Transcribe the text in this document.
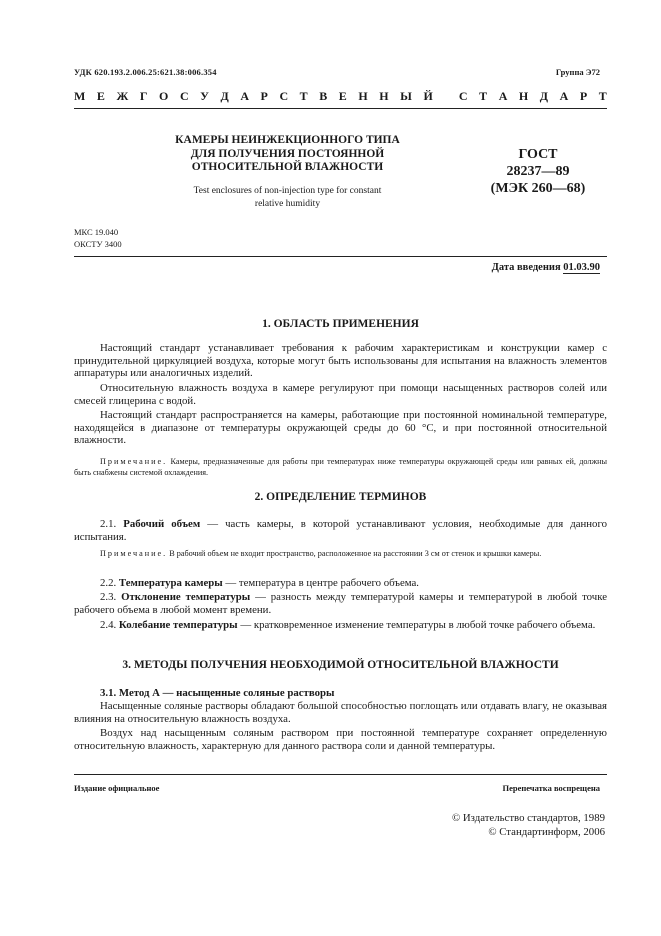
УДК 620.193.2.006.25:621.38:006.354	Группа Э72
М Е Ж Г О С У Д А Р С Т В Е Н Н Ы Й
С Т А Н Д А Р Т
КАМЕРЫ НЕИНЖЕКЦИОННОГО ТИПА
ДЛЯ ПОЛУЧЕНИЯ ПОСТОЯННОЙ
ОТНОСИТЕЛЬНОЙ ВЛАЖНОСТИ
Test enclosures of non-injection type for constant
relative humidity
ГОСТ
28237—89
(МЭК 260—68)
МКС 19.040
ОКСТУ 3400
Дата введения 01.03.90
1. ОБЛАСТЬ ПРИМЕНЕНИЯ
Настоящий стандарт устанавливает требования к рабочим характеристикам и конструкции камер с принудительной циркуляцией воздуха, которые могут быть использованы для испытания на влажность элементов аппаратуры или аналогичных изделий.
Относительную влажность воздуха в камере регулируют при помощи насыщенных растворов солей или смесей глицерина с водой.
Настоящий стандарт распространяется на камеры, работающие при постоянной номинальной температуре, находящейся в диапазоне от температуры окружающей среды до 60 °С, и при постоянной относительной влажности.
Примечание. Камеры, предназначенные для работы при температурах ниже температуры окружающей среды или равных ей, должны быть снабжены системой охлаждения.
2. ОПРЕДЕЛЕНИЕ ТЕРМИНОВ
2.1. Рабочий объем — часть камеры, в которой устанавливают условия, необходимые для данного испытания.
Примечание. В рабочий объем не входит пространство, расположенное на расстоянии 3 см от стенок и крышки камеры.
2.2. Температура камеры — температура в центре рабочего объема.
2.3. Отклонение температуры — разность между температурой камеры и температурой в любой точке рабочего объема в любой момент времени.
2.4. Колебание температуры — кратковременное изменение температуры в любой точке рабочего объема.
3. МЕТОДЫ ПОЛУЧЕНИЯ НЕОБХОДИМОЙ ОТНОСИТЕЛЬНОЙ ВЛАЖНОСТИ
3.1. Метод А — насыщенные соляные растворы
Насыщенные соляные растворы обладают большой способностью поглощать или отдавать влагу, не оказывая влияния на относительную влажность воздуха.
Воздух над насыщенным соляным раствором при постоянной температуре сохраняет определенную относительную влажность, характерную для данного раствора соли и данной температуры.
Издание официальное	Перепечатка воспрещена
© Издательство стандартов, 1989
© Стандартинформ, 2006
